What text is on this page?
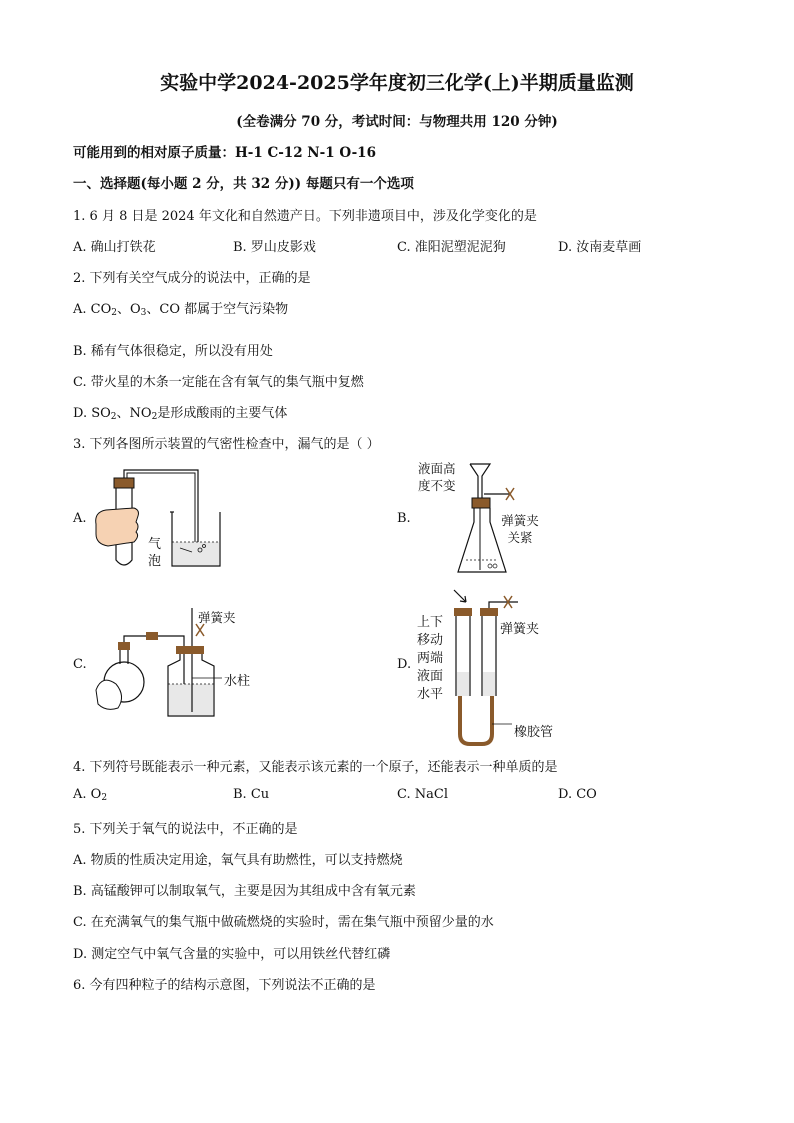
实验中学2024-2025学年度初三化学(上)半期质量监测
(全卷满分 70 分，考试时间：与物理共用 120 分钟)
可能用到的相对原子质量：H-1 C-12 N-1 O-16
一、选择题(每小题 2 分，共 32 分)) 每题只有一个选项
1. 6 月 8 日是 2024 年文化和自然遗产日。下列非遗项目中，涉及化学变化的是
A. 确山打铁花	B. 罗山皮影戏	C. 准阳泥塑泥泥狗	D. 汝南麦草画
2. 下列有关空气成分的说法中，正确的是
A. $CO_2$、$O_3$、CO 都属于空气污染物
B. 稀有气体很稳定，所以没有用处
C. 带火星的木条一定能在含有氧气的集气瓶中复燃
D. $SO_2$、$NO_2$是形成酸雨的主要气体
3. 下列各图所示装置的气密性检查中，漏气的是（ ）
A.	B.
C.	D.
气泡
液面高度不变
弹簧夹关紧
弹簧夹
水柱
上下移动两端液面水平
弹簧夹
橡胶管
4. 下列符号既能表示一种元素，又能表示该元素的一个原子，还能表示一种单质的是
A. $O_2$	B. Cu	C. NaCl	D. CO
5. 下列关于氧气的说法中，不正确的是
A. 物质的性质决定用途，氧气具有助燃性，可以支持燃烧
B. 高锰酸钾可以制取氧气，主要是因为其组成中含有氧元素
C. 在充满氧气的集气瓶中做硫燃烧的实验时，需在集气瓶中预留少量的水
D. 测定空气中氧气含量的实验中，可以用铁丝代替红磷
6. 今有四种粒子的结构示意图，下列说法不正确的是
